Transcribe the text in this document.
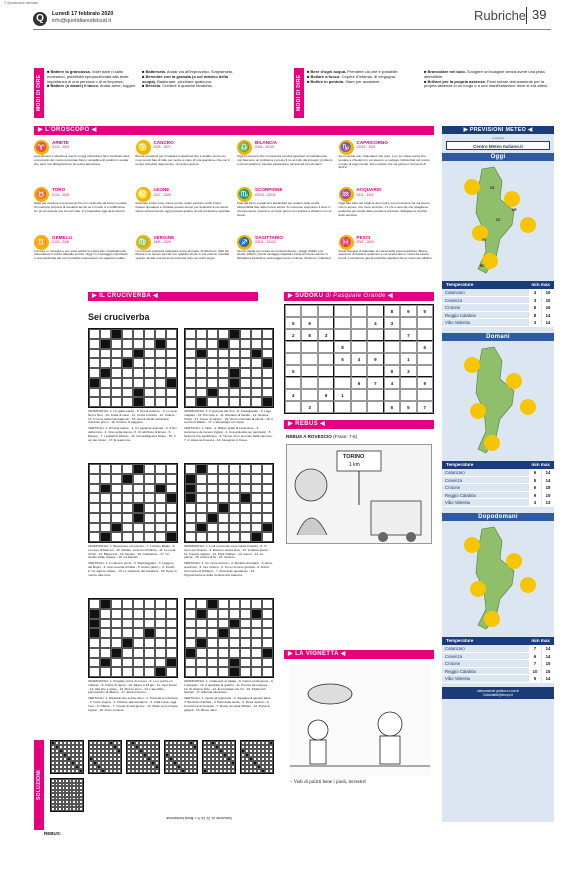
© riproduzione riservata
Q	Lunedì 17 febbraio 2020
info@quotidianodelsud.it	Rubriche 39
MODI DI DIRE
■ Battere la grancassa. Voler dare ri-salto eccessivo, pubblicità sproporzionata alla reale importanza di una persona o di un'impresa.
■ Battere (o alzare) il tacco. Andar-sene, fuggire.
■ Battersela. Andar via all'improvviso. Svignarsela.
■ Benedire con la granata (o col manico della scopa). Bastonare, picchiare qualcuno.
■ Bersela. Credere a qualche fandonia.	MODI DI DIRE
■ Bere d'ogni acqua. Prendere ciò che è possibile.
■ Bollare a fuoco. Coprire d'infamia, di vergogna.
■ Bollire in pentola. Stare per accadere.
■ Brancolare nel buio. Svolgere un'indagine senza avere una pista attendibile.
■ Brillare per la propria assenza. Farsi notare vistosamente per la propria assenza in un luogo o a una manifestazione dove si era attesi.
▶ L'OROSCOPO ◀
♈	ARIETE
21/3 - 20/4
Avvenimenti e situazioni nuove vi oggi potrebbero farvi cambiare idea a proposito del vostro personale futuro: accadimenti positivi in serata che però non dislogheranno la vostra attenzione.
♉	TORO
21/4 - 20/5
State per rivedere una persona che non vedevate da tempo cercate di mostrarvi sorpresi di rivederla anche se in fondo vi è indifferente. Un pò di cortesia non fa mai male. In prospettiva oggi siete favoriti.
♊	GEMELLI
21/5 - 21/6
L'amore e i risveglio e con esso anche la vostra vita. Gradualmente riprenderete il vostro abituale sorriso. Oggi un messaggio importante o una telefonata dei soci potrebbe interessarvi non agitatevi subito.
♋	CANCRO
22/6 - 22/7
Buone occasioni per rimediare a qualcosa che è andato storto nei mesi scorsi fate di tutto per venire a capo di una questione che con il tempo potrebbe degenerare. Un amico geloso.
♌	LEONE
23/7 - 23/8
Inizierete a fare cose nuove presto i piani saranno vostri propri. Intanto riposatevi e sfruttate questo tempo per dedicarvi a voi stessi. Giove sarà benevolo oggi potreste godere di una protezione speciale.
♍	VERGINE
24/8 - 22/9
Un incontro potrebbe rallegrare la tua giornata. Si fiducioso. Abbi più fiducia in te stesso perché con qualche sforzo in più otterrai i risultati sperati. Amate una persona presente solo nei vostri sogni.
♎	BILANCIA
23/9 - 22/10
Oggi la persona che vi interessa sembra ignorarvi completamente non fatevene un problema è presto il no al collo dai impegni, problemi e preoccupazioni. Questo passeranno tornerà ad emozionarvi.
♏	SCORPIONE
23/10 - 22/11
Fate del bene a qualcuno aiutandolo per quanto nelle vostre disponibilità fate delle buone azioni. Al momento opportuno il cielo vi ricompenserà. Questo è un buon giorno per iniziare a chiarirvi con se stessi.
♐	SAGITTARIO
23/11 - 21/12
Giorno ideale per curare la corrispondenza, i viaggi d'affari e la studio. Affetto, piccoli vantaggi materiali e tanta armonia interna. In famiglia la situazione sarà leggermente confusa. Chiarisci i malintesi.
♑	CAPRICORNO
22/12 - 20/1
Se vi sentite soli, chiamateci che pure, è un po colpa vostra che tendete a chiudervi in voi stessi e a navigare indisturbati nel vostro mondo di sogni dorati. Non credete che sia giunto il momento di aprirvi.
♒	ACQUARIO
21/1 - 19/2
Oggi fate tutto nel migliore dei modi e con precisione sia sul lavoro, che in amore, che tra le amicizie; c'è chi si accorta che sbagliamo qualcosa per scelta delle occasioni preziose. Allargate la cerchia delle amicizie.
♓	PESCI
20/2 - 20/3
Avete bisogno di rallentare la morsa delle preoccupazioni. Buone speranze di rivedere qualcuno a cui tenete fate in modo da essere pronti. L'occasione giusta potrebbe capitarvi da un momento all'altro.
▶ PREVISIONI METEO ◀
a cura di
Centro Meteo Italiano.it
Oggi
CS
CZ
KR
VV
RC
Temperature	min max
Catanzaro	4	16
Cosenza	3	15
Crotone	5	16
Reggio Calabria	8	14
Vibo Valentia	3	14
Domani
Temperature	min max
Catanzaro	6	14
Cosenza	5	14
Crotone	6	18
Reggio Calabria	9	15
Vibo Valentia	4	13
Dopodomani
Temperature	min max
Catanzaro	7	14
Cosenza	6	14
Crotone	7	15
Reggio Calabria	10	15
Vibo Valentia	5	14
elaborazione grafica a cura di
Calcioitalie@tempo.it
▶ IL CRUCIVERBA ◀
Sei cruciverba
ORIZZONTALI: 1. Un giallo sardo - 8. Poeta tedesco - 9. Lo sono Neri e Neri - 10. Coda di nano - 11. Cerca il tartufo - 12. Collere - 14. Il nome della Campagnolo - 16. Ascoli canali nell'antica dunamia greco - 18. Polvere di gaggiolo.
VERTICALI: 1. Principi autore - 2. Un paziente animale - 3. Il fico della tinca - 4. Una recita donna - 5. Un attributo di Emes - 6. Rieppo - 7. I soldati di Woters - 11. Comealbaya la Snare - 15. Il sol dei mister - 17. E quasi ora.
ORIZZONTALI: 1. Il profumo del vino - 8. Fasaglissale - 9. Lago magiaro - 10. Più volte a - 11. Ruotano di Vanillo - 12. Sentiva l'Onel - 14. Cuore di varano - 15. Vento invernale di pinetti - 16. Il centro di Walan - 17. L'attepelago con Apsa.
VERTICALI: 1. Idole - 2. Biblico gradi di esclusione - 3. Accamevo dei tenere inglesi - 4. Una gioiosità per cacciatori - 5. Spintoni che squilibrano - 6. Tinone di un tenendo della canzone - 7. In sistema di pesca - 13. Asseginio in breve.
ORIZZONTALI: 1. Benessere economico - 7. L'attrice Miglio - 8. La nave di Mercuri - 10. Abbate, sorte fini d'infinito - 11. Le metà di VIII - 12. Bigna lesi - 14. Novani - 15. Coltivatore - 17. Un accido vitale inglese - 18. La Zanichi.
VERTICALI: 1. Lo illuna il ponte - 2. Rattoleggiare - 3. Leggere dei Bugni - 4. Una crescita di fiaba - 5. Antico (abbr.) - 6. Insolit - 9. Un sapore rubato - 13. Le 'barbene' del Carducci - 16. Sono in mezzo alla neve.
ORIZZONTALI: 1. Lodi un format come Caste Fratello - 8. Vi sono per Oviedo - 9. Dannon ottima lana - 10. Insidiosi giansi - 11. Il grano inglese - 12. Parti Il Edipo - 13. Cacce - 14. Al... piante - 15. Anima di lei - 16. Ventero.
VERTICALI: 1. Un mese azzorto - 2. Modello di imitare - 3. Nera, tenebrosi - 4. Inor l'ultrico - 5. Fu un sommo giurista - 6. Antico strumento di brillariso - 7. Aula dello spettacolo - 13. Organizzazione della Conferenza Islamica.
ORIZZONTALI: 1. Pregiato rozza di pecore - 8. Lo è anche un maltese - 9. Calcio di rigore - 10. Dilaco a 33 giri - 11. Vero liolmo - 12. Alla fine è gioito - 13. Mezzo anno - 14. L'anedritto... permasticho di dilazzo - 17. Attira il becino.
VERTICALI: 1. Rialzanti che sutrice Alen - 2. Prevede le infezione - 3. Corto Sogna - 4. Visitone alla lacciatore - 5. Città russa, oggi Tver - 6. Offerte - 7. Il ruolo di vant'ignore - 13. Molte sono private inglesi - 16. Poco comune.
ORIZZONTALI: 1. Gradevole al palato - 8. Carica professione - 9. Lusingato - 10. Il quadrato di quattro - 11. Prezzo da sorgone - 12. Si chiama Sole - 14. È incordata con l'ot - 16. Fildenzioli fasciati - 17. Effettua rilevazioni.
VERTICALI: 1. Guido gli argonauti - 2. Squadra di giovani atleti - 3. Bozzetto d'artista - 4. Parti della tenda - 5. Deva reparso - 6. Una forma di protesta - 7. Rucia nei ioppi Tattiani - 13. Punta in gargoli - 15. Breve idem.
▶ SUDOKU di Pasquale Grande ◀
8	9	5
5	9	4	3
2	8	3	7
8	6
5	4	9	1
5	9	3
6	7	4	9
4	6	1
3	6	5	7
▶ REBUS ◀
REBUS A ROVESCIO (Frase: 7-6)
TORINO
1 km
▶ LA VIGNETTA ◀
– Vedi di pulirti bene i piedi, terrestre!
SOLUZIONI
REBUS:
Soluzione di: ZL 16 ½ = Bona fondazione
